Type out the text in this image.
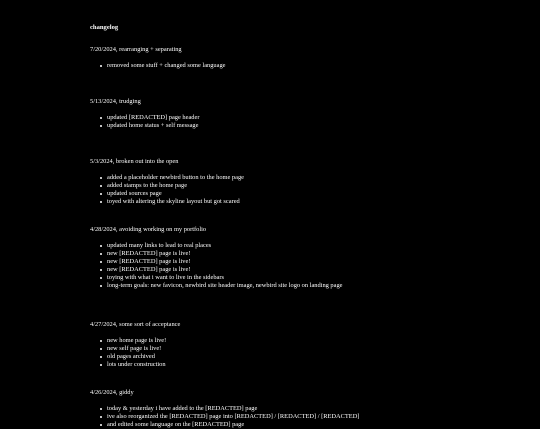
changelog
7/20/2024, rearranging + separating
removed some stuff + changed some language
5/13/2024, trudging
updated [REDACTED] page header
updated home status + self message
5/3/2024, broken out into the open
added a placeholder newbird button to the home page
added stamps to the home page
updated sources page
toyed with altering the skyline layout but got scared
4/28/2024, avoiding working on my portfolio
updated many links to lead to real places
new [REDACTED] page is live!
new [REDACTED] page is live!
new [REDACTED] page is live!
toying with what i want to live in the sidebars
long-term goals: new favicon, newbird site header image, newbird site logo on landing page
4/27/2024, some sort of acceptance
new home page is live!
new self page is live!
old pages archived
lots under construction
4/26/2024, giddy
today & yesterday i have added to the [REDACTED] page
ive also reorganized the [REDACTED] page into [REDACTED] / [REDACTED] / [REDACTED]
and edited some language on the [REDACTED] page
